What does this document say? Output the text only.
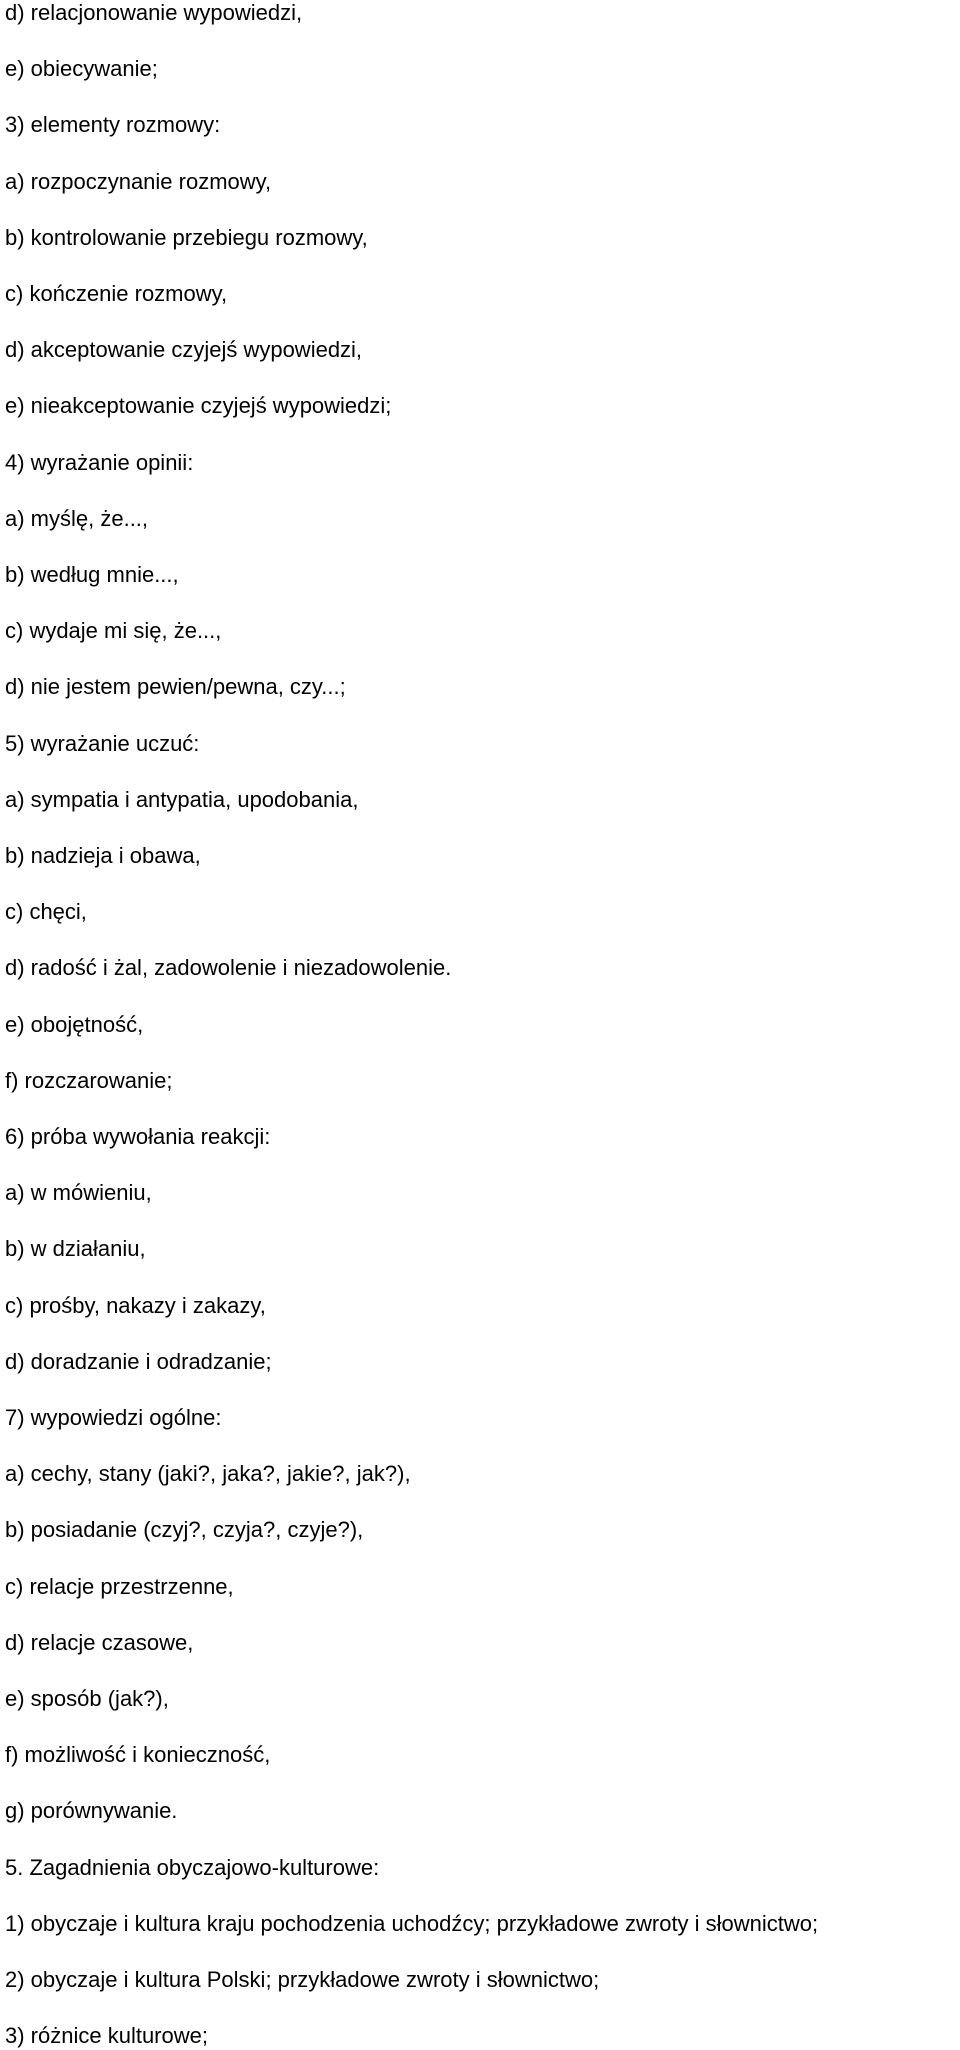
d) relacjonowanie wypowiedzi,

e) obiecywanie;

3) elementy rozmowy:

a) rozpoczynanie rozmowy,

b) kontrolowanie przebiegu rozmowy,

c) kończenie rozmowy,

d) akceptowanie czyjejś wypowiedzi,

e) nieakceptowanie czyjejś wypowiedzi;

4) wyrażanie opinii:

a) myślę, że...,

b) według mnie...,

c) wydaje mi się, że...,

d) nie jestem pewien/pewna, czy...;

5) wyrażanie uczuć:

a) sympatia i antypatia, upodobania,

b) nadzieja i obawa,

c) chęci,

d) radość i żal, zadowolenie i niezadowolenie.

e) obojętność,

f) rozczarowanie;

6) próba wywołania reakcji:

a) w mówieniu,

b) w działaniu,

c) prośby, nakazy i zakazy,

d) doradzanie i odradzanie;

7) wypowiedzi ogólne:

a) cechy, stany (jaki?, jaka?, jakie?, jak?),

b) posiadanie (czyj?, czyja?, czyje?),

c) relacje przestrzenne,

d) relacje czasowe,

e) sposób (jak?),

f) możliwość i konieczność,

g) porównywanie.

5. Zagadnienia obyczajowo-kulturowe:

1) obyczaje i kultura kraju pochodzenia uchodźcy; przykładowe zwroty i słownictwo;

2) obyczaje i kultura Polski; przykładowe zwroty i słownictwo;

3) różnice kulturowe;
